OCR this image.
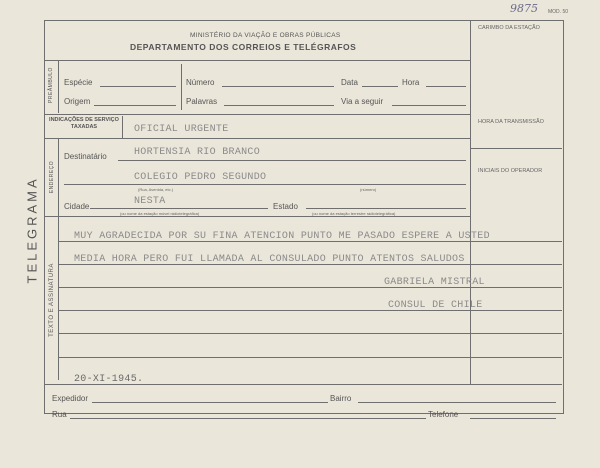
9875 MOD. 50
MINISTÉRIO DA VIAÇÃO E OBRAS PÚBLICAS
DEPARTAMENTO DOS CORREIOS E TELÉGRAFOS
CARIMBO DA ESTAÇÃO
PREÂMBULO Espécie	Número	Data	Hora
Origem	Palavras	Via a seguir
INDICAÇÕES DE SERVIÇO TAXADAS	OFICIAL URGENTE
HORA DA TRANSMISSÃO
ENDEREÇO
Destinatário	HORTENSIA RIO BRANCO
COLEGIO PEDRO SEGUNDO
(Rua, Avenida, etc.)	(número)
Cidade	NESTA	Estado
(ou nome da estação móvel rádiotelegráfica)	(ou nome da estação terrestre rádiotelegráfica)
INICIAIS DO OPERADOR
TEXTO E ASSINATURA
MUY AGRADECIDA POR SU FINA ATENCION PUNTO ME PASADO ESPERE A USTED
MEDIA HORA PERO FUI LLAMADA AL CONSULADO PUNTO ATENTOS SALUDOS
GABRIELA MISTRAL
CONSUL DE CHILE
20-XI-1945.
Expedidor	Bairro
Rua	Telefone
TELEGRAMA
